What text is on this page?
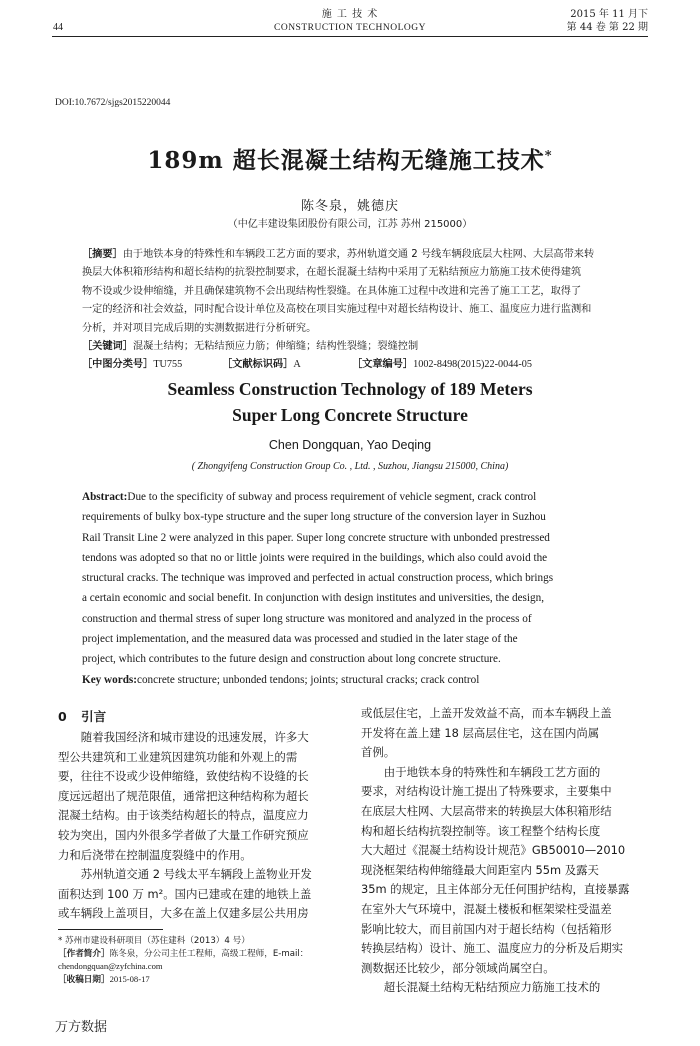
施 工 技 术
CONSTRUCTION TECHNOLOGY
44
2015 年 11 月下
第 44 卷 第 22 期
DOI:10.7672/sjgs2015220044
189m 超长混凝土结构无缝施工技术*
陈冬泉，姚德庆
（中亿丰建设集团股份有限公司，江苏 苏州 215000）
［摘要］由于地铁本身的特殊性和车辆段工艺方面的要求，苏州轨道交通 2 号线车辆段底层大柱网、大层高带来转
换层大体积箱形结构和超长结构的抗裂控制要求，在超长混凝土结构中采用了无粘结预应力筋施工技术使得建筑
物不设或少设伸缩缝，并且确保建筑物不会出现结构性裂缝。在具体施工过程中改进和完善了施工工艺，取得了
一定的经济和社会效益，同时配合设计单位及高校在项目实施过程中对超长结构设计、施工、温度应力进行监测和
分析，并对项目完成后期的实测数据进行分析研究。
［关键词］混凝土结构；无粘结预应力筋；伸缩缝；结构性裂缝；裂缝控制
［中图分类号］TU755	［文献标识码］A	［文章编号］1002-8498(2015)22-0044-05
Seamless Construction Technology of 189 Meters
Super Long Concrete Structure
Chen Dongquan, Yao Deqing
( Zhongyifeng Construction Group Co. , Ltd. , Suzhou, Jiangsu 215000, China)
Abstract:Due to the specificity of subway and process requirement of vehicle segment, crack control
requirements of bulky box-type structure and the super long structure of the conversion layer in Suzhou
Rail Transit Line 2 were analyzed in this paper. Super long concrete structure with unbonded prestressed
tendons was adopted so that no or little joints were required in the buildings, which also could avoid the
structural cracks. The technique was improved and perfected in actual construction process, which brings
a certain economic and social benefit. In conjunction with design institutes and universities, the design,
construction and thermal stress of super long structure was monitored and analyzed in the process of
project implementation, and the measured data was processed and studied in the later stage of the
project, which contributes to the future design and construction about long concrete structure.
Key words:concrete structure; unbonded tendons; joints; structural cracks; crack control
0 引言
随着我国经济和城市建设的迅速发展，许多大
型公共建筑和工业建筑因建筑功能和外观上的需
要，往往不设或少设伸缩缝，致使结构不设缝的长
度远远超出了规范限值，通常把这种结构称为超长
混凝土结构。由于该类结构超长的特点，温度应力
较为突出，国内外很多学者做了大量工作研究预应
力和后浇带在控制温度裂缝中的作用。
苏州轨道交通 2 号线太平车辆段上盖物业开发
面积达到 100 万 m²。国内已建或在建的地铁上盖
或车辆段上盖项目，大多在盖上仅建多层公共用房
* 苏州市建设科研项目（苏住建科（2013）4 号）
［作者简介］陈冬泉，分公司主任工程师，高级工程师，E-mail：
chendongquan@zyfchina.com
［收稿日期］2015-08-17
或低层住宅，上盖开发效益不高，而本车辆段上盖
开发将在盖上建 18 层高层住宅，这在国内尚属
首例。
由于地铁本身的特殊性和车辆段工艺方面的
要求，对结构设计施工提出了特殊要求，主要集中
在底层大柱网、大层高带来的转换层大体积箱形结
构和超长结构抗裂控制等。该工程整个结构长度
大大超过《混凝土结构设计规范》GB50010—2010
现浇框架结构伸缩缝最大间距室内 55m 及露天
35m 的规定，且主体部分无任何围护结构，直接暴露
在室外大气环境中，混凝土楼板和框架梁柱受温差
影响比较大，而目前国内对于超长结构（包括箱形
转换层结构）设计、施工、温度应力的分析及后期实
测数据还比较少，部分领域尚属空白。
超长混凝土结构无粘结预应力筋施工技术的
万方数据
